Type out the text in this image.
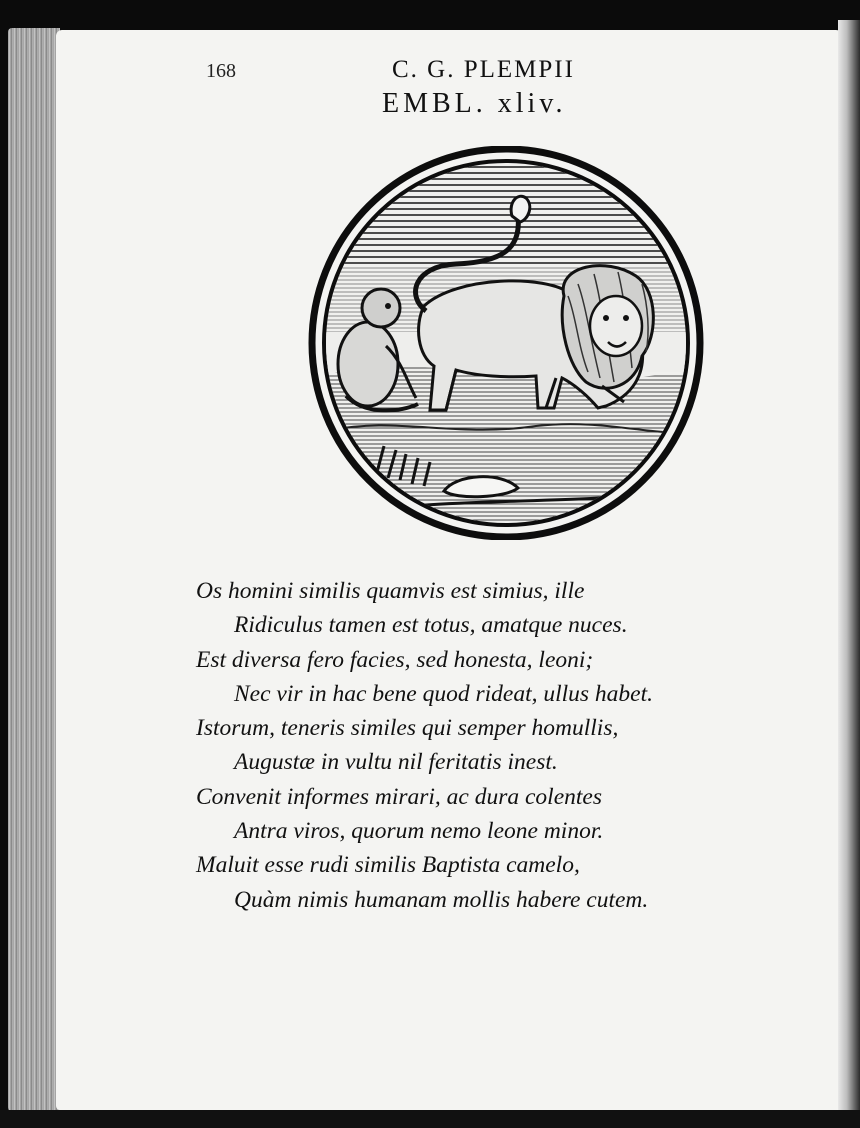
168	C. G. PLEMPII
EMBL. xliv.
Os homini similis quamvis est simius, ille
Ridiculus tamen est totus, amatque nuces.
Est diversa fero facies, sed honesta, leoni;
Nec vir in hac bene quod rideat, ullus habet.
Istorum, teneris similes qui semper homullis,
Augustæ in vultu nil feritatis inest.
Convenit informes mirari, ac dura colentes
Antra viros, quorum nemo leone minor.
Maluit esse rudi similis Baptista camelo,
Quàm nimis humanam mollis habere cutem.
